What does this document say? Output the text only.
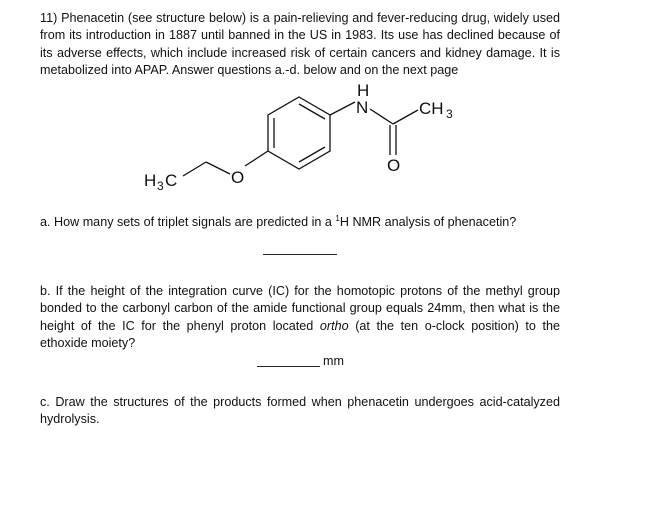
11) Phenacetin (see structure below) is a pain-relieving and fever-reducing drug, widely used from its introduction in 1887 until banned in the US in 1983. Its use has declined because of its adverse effects, which include increased risk of certain cancers and kidney damage. It is metabolized into APAP. Answer questions a.-d. below and on the next page
H
N	CH 3
O
O
H 3 C
a. How many sets of triplet signals are predicted in a $^1$H NMR analysis of phenacetin?
b. If the height of the integration curve (IC) for the homotopic protons of the methyl group bonded to the carbonyl carbon of the amide functional group equals 24mm, then what is the height of the IC for the phenyl proton located ortho (at the ten o-clock position) to the ethoxide moiety?
mm
c. Draw the structures of the products formed when phenacetin undergoes acid-catalyzed hydrolysis.
